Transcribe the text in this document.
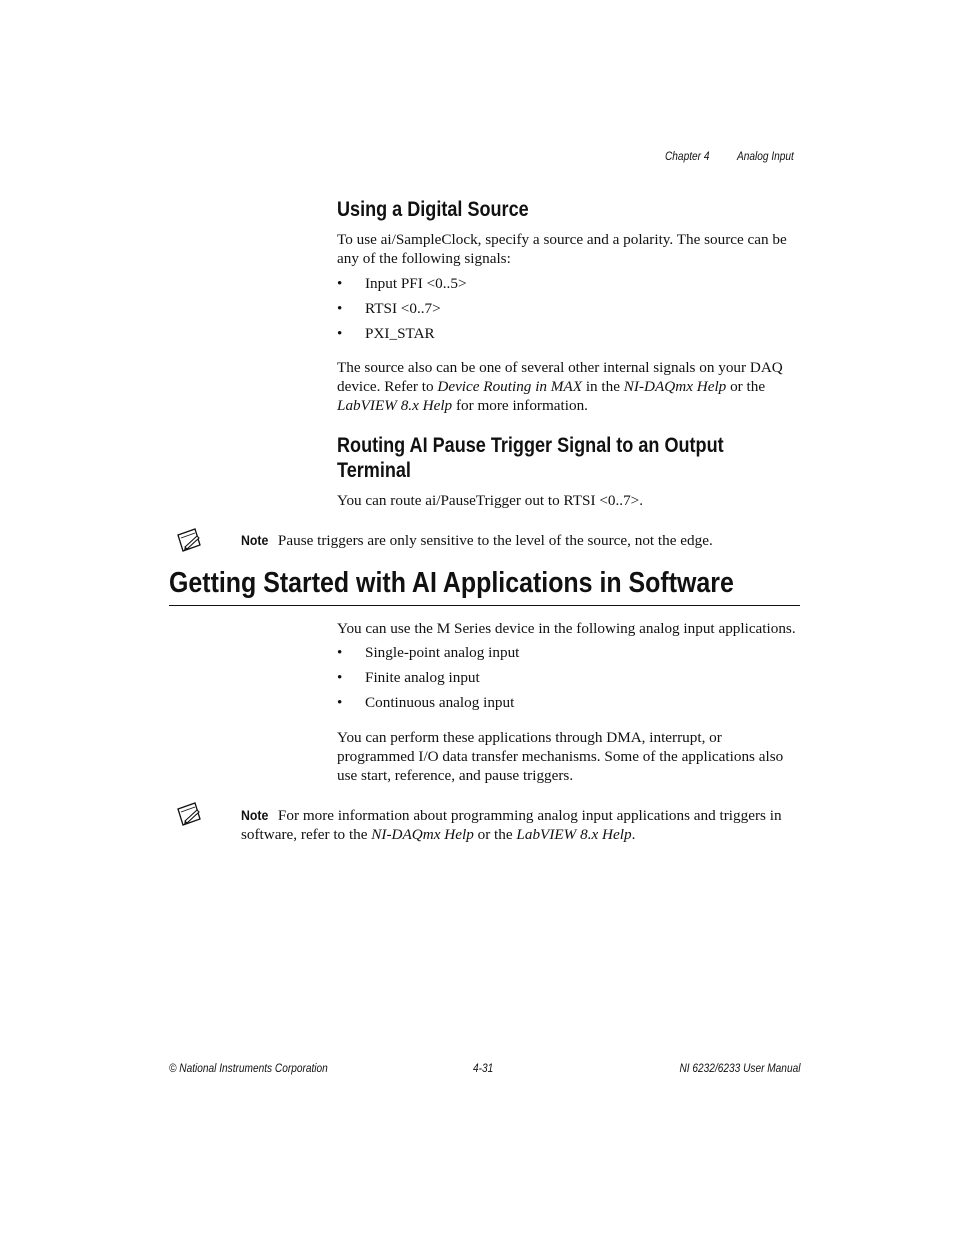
Chapter 4 Analog Input
Using a Digital Source
To use ai/SampleClock, specify a source and a polarity. The source can be
any of the following signals:
• Input PFI <0..5>
• RTSI <0..7>
• PXI_STAR
The source also can be one of several other internal signals on your DAQ
device. Refer to Device Routing in MAX in the NI-DAQmx Help or the
LabVIEW 8.x Help for more information.
Routing AI Pause Trigger Signal to an Output
Terminal
You can route ai/PauseTrigger out to RTSI <0..7>.
Note Pause triggers are only sensitive to the level of the source, not the edge.
Getting Started with AI Applications in Software
You can use the M Series device in the following analog input applications.
• Single-point analog input
• Finite analog input
• Continuous analog input
You can perform these applications through DMA, interrupt, or
programmed I/O data transfer mechanisms. Some of the applications also
use start, reference, and pause triggers.
Note For more information about programming analog input applications and triggers in
software, refer to the NI-DAQmx Help or the LabVIEW 8.x Help.
© National Instruments Corporation	4-31	NI 6232/6233 User Manual
